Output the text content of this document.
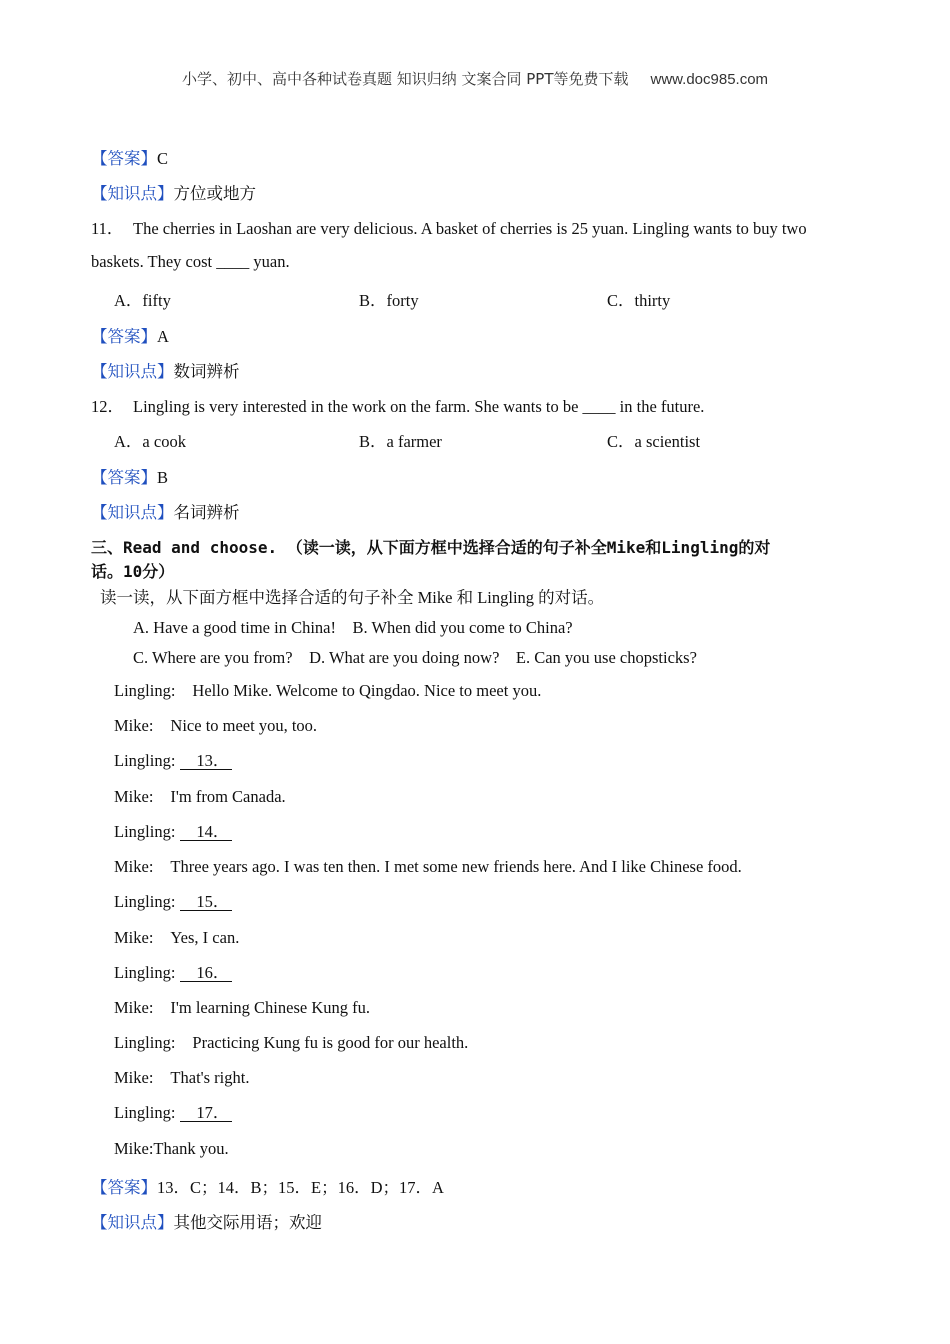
小学、初中、高中各种试卷真题 知识归纳 文案合同 PPT等免费下载 www.doc985.com
【答案】C
【知识点】方位或地方
11． The cherries in Laoshan are very delicious. A basket of cherries is 25 yuan. Lingling wants to buy two
baskets. They cost ____ yuan.
A．fifty	B．forty	C．thirty
【答案】A
【知识点】数词辨析
12． Lingling is very interested in the work on the farm. She wants to be ____ in the future.
A．a cook	B．a farmer	C．a scientist
【答案】B
【知识点】名词辨析
三、Read and choose. （读一读，从下面方框中选择合适的句子补全Mike和Lingling的对
话。10分）
读一读，从下面方框中选择合适的句子补全 Mike 和 Lingling 的对话。
A. Have a good time in China!    B. When did you come to China?
C. Where are you from?    D. What are you doing now?    E. Can you use chopsticks?
Lingling: Hello Mike. Welcome to Qingdao. Nice to meet you.
Mike: Nice to meet you, too.
Lingling: 13．
Mike: I'm from Canada.
Lingling: 14．
Mike: Three years ago. I was ten then. I met some new friends here. And I like Chinese food.
Lingling: 15．
Mike: Yes, I can.
Lingling: 16．
Mike: I'm learning Chinese Kung fu.
Lingling: Practicing Kung fu is good for our health.
Mike: That's right.
Lingling: 17．
Mike:Thank you.
【答案】13．C；14．B；15．E；16．D；17．A
【知识点】其他交际用语；欢迎
